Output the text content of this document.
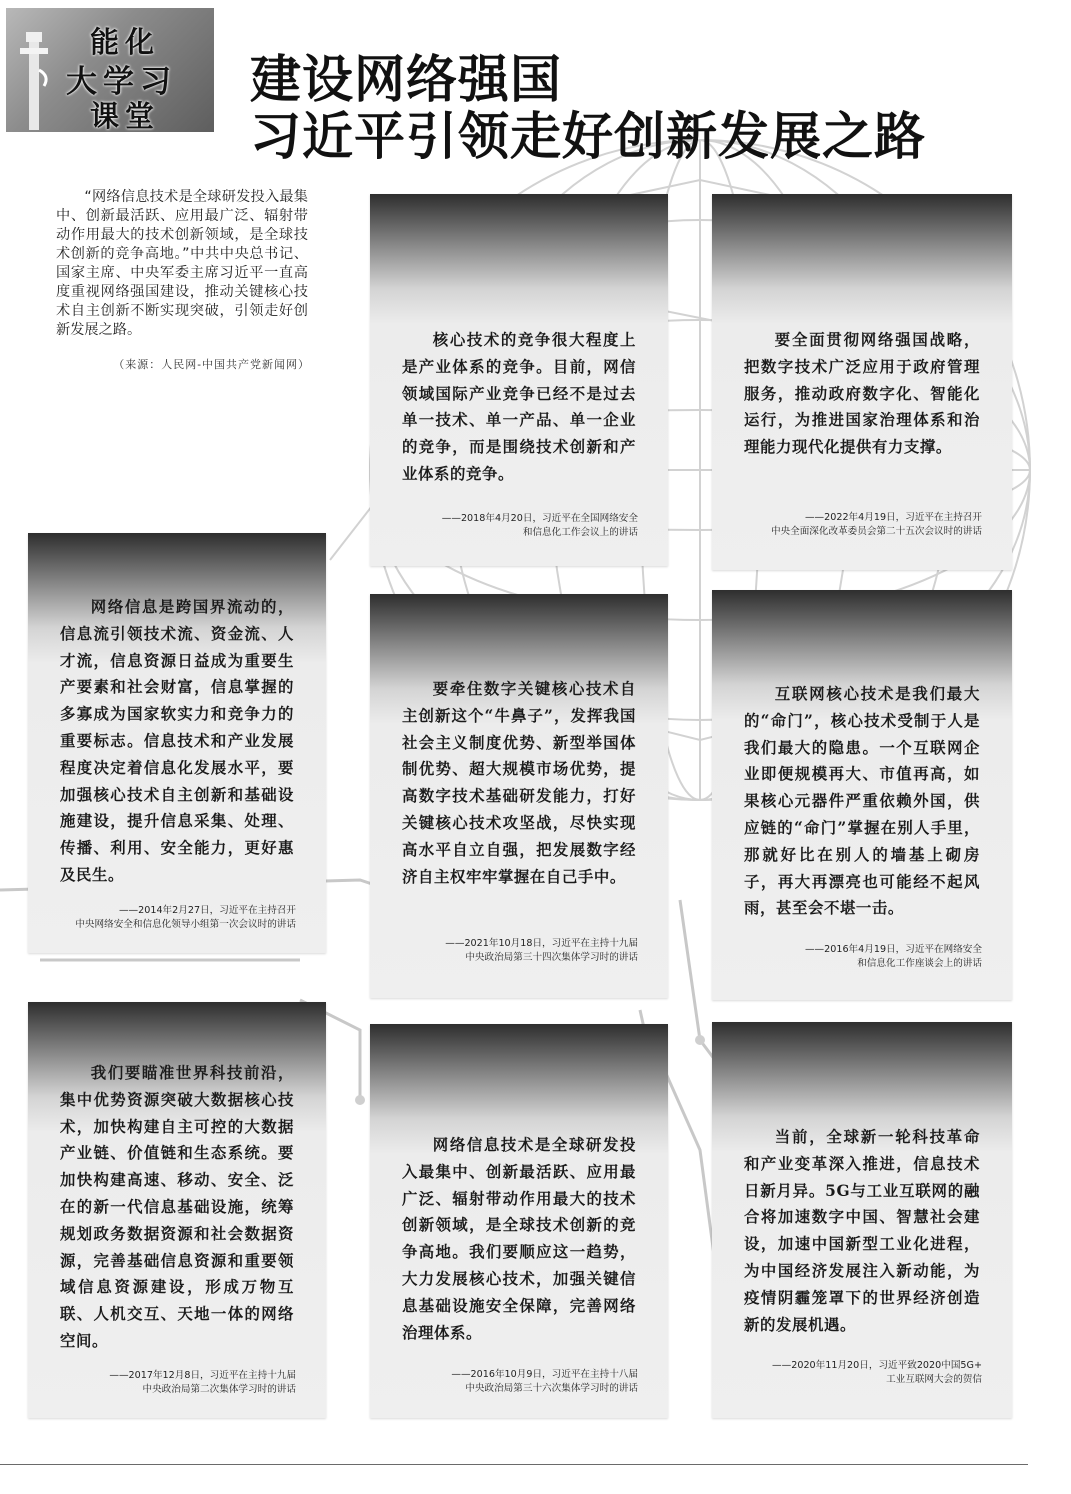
能化
大学习
课堂
建设网络强国
习近平引领走好创新发展之路
“网络信息技术是全球研发投入最集中、创新最活跃、应用最广泛、辐射带动作用最大的技术创新领域，是全球技术创新的竞争高地。”中共中央总书记、国家主席、中央军委主席习近平一直高度重视网络强国建设，推动关键核心技术自主创新不断实现突破，引领走好创新发展之路。
（来源：人民网-中国共产党新闻网）
核心技术的竞争很大程度上是产业体系的竞争。目前，网信领域国际产业竞争已经不是过去单一技术、单一产品、单一企业的竞争，而是围绕技术创新和产业体系的竞争。
——2018年4月20日，习近平在全国网络安全
和信息化工作会议上的讲话
要全面贯彻网络强国战略，把数字技术广泛应用于政府管理服务，推动政府数字化、智能化运行，为推进国家治理体系和治理能力现代化提供有力支撑。
——2022年4月19日，习近平在主持召开
中央全面深化改革委员会第二十五次会议时的讲话
网络信息是跨国界流动的，信息流引领技术流、资金流、人才流，信息资源日益成为重要生产要素和社会财富，信息掌握的多寡成为国家软实力和竞争力的重要标志。信息技术和产业发展程度决定着信息化发展水平，要加强核心技术自主创新和基础设施建设，提升信息采集、处理、传播、利用、安全能力，更好惠及民生。
——2014年2月27日，习近平在主持召开
中央网络安全和信息化领导小组第一次会议时的讲话
要牵住数字关键核心技术自主创新这个“牛鼻子”，发挥我国社会主义制度优势、新型举国体制优势、超大规模市场优势，提高数字技术基础研发能力，打好关键核心技术攻坚战，尽快实现高水平自立自强，把发展数字经济自主权牢牢掌握在自己手中。
——2021年10月18日，习近平在主持十九届
中央政治局第三十四次集体学习时的讲话
互联网核心技术是我们最大的“命门”，核心技术受制于人是我们最大的隐患。一个互联网企业即便规模再大、市值再高，如果核心元器件严重依赖外国，供应链的“命门”掌握在别人手里，那就好比在别人的墙基上砌房子，再大再漂亮也可能经不起风雨，甚至会不堪一击。
——2016年4月19日，习近平在网络安全
和信息化工作座谈会上的讲话
我们要瞄准世界科技前沿，集中优势资源突破大数据核心技术，加快构建自主可控的大数据产业链、价值链和生态系统。要加快构建高速、移动、安全、泛在的新一代信息基础设施，统筹规划政务数据资源和社会数据资源，完善基础信息资源和重要领域信息资源建设，形成万物互联、人机交互、天地一体的网络空间。
——2017年12月8日，习近平在主持十九届
中央政治局第二次集体学习时的讲话
网络信息技术是全球研发投入最集中、创新最活跃、应用最广泛、辐射带动作用最大的技术创新领域，是全球技术创新的竞争高地。我们要顺应这一趋势，大力发展核心技术，加强关键信息基础设施安全保障，完善网络治理体系。
——2016年10月9日，习近平在主持十八届
中央政治局第三十六次集体学习时的讲话
当前，全球新一轮科技革命和产业变革深入推进，信息技术日新月异。5G与工业互联网的融合将加速数字中国、智慧社会建设，加速中国新型工业化进程，为中国经济发展注入新动能，为疫情阴霾笼罩下的世界经济创造新的发展机遇。
——2020年11月20日，习近平致2020中国5G+
工业互联网大会的贺信
